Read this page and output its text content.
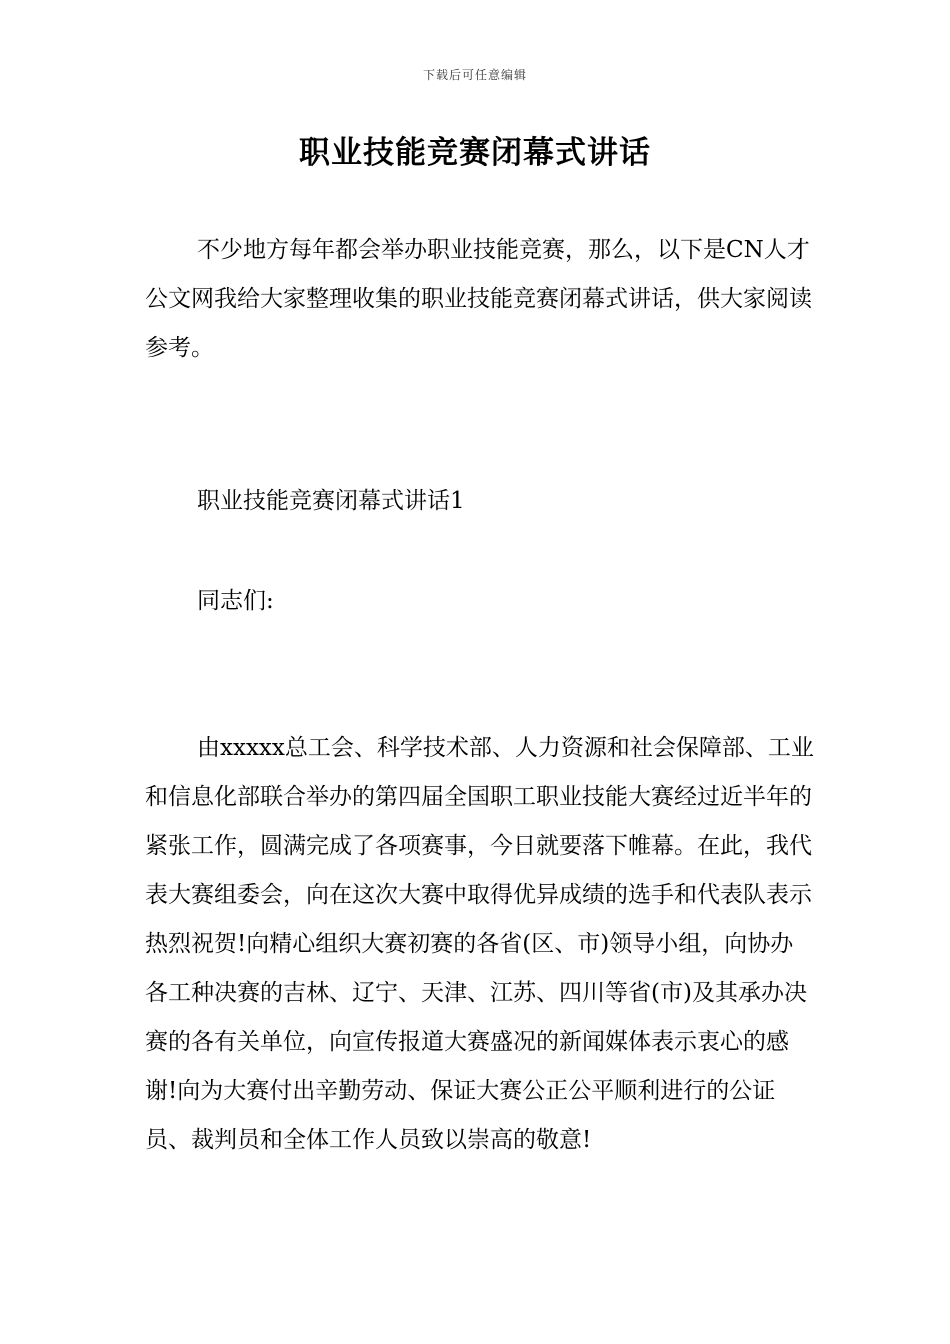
下载后可任意编辑
职业技能竞赛闭幕式讲话

不少地方每年都会举办职业技能竞赛，那么，以下是CN人才公文网我给大家整理收集的职业技能竞赛闭幕式讲话，供大家阅读参考。

职业技能竞赛闭幕式讲话1

同志们:

由xxxxx总工会、科学技术部、人力资源和社会保障部、工业和信息化部联合举办的第四届全国职工职业技能大赛经过近半年的紧张工作，圆满完成了各项赛事，今日就要落下帷幕。在此，我代表大赛组委会，向在这次大赛中取得优异成绩的选手和代表队表示热烈祝贺!向精心组织大赛初赛的各省(区、市)领导小组，向协办各工种决赛的吉林、辽宁、天津、江苏、四川等省(市)及其承办决赛的各有关单位，向宣传报道大赛盛况的新闻媒体表示衷心的感谢!向为大赛付出辛勤劳动、保证大赛公正公平顺利进行的公证员、裁判员和全体工作人员致以崇高的敬意!
